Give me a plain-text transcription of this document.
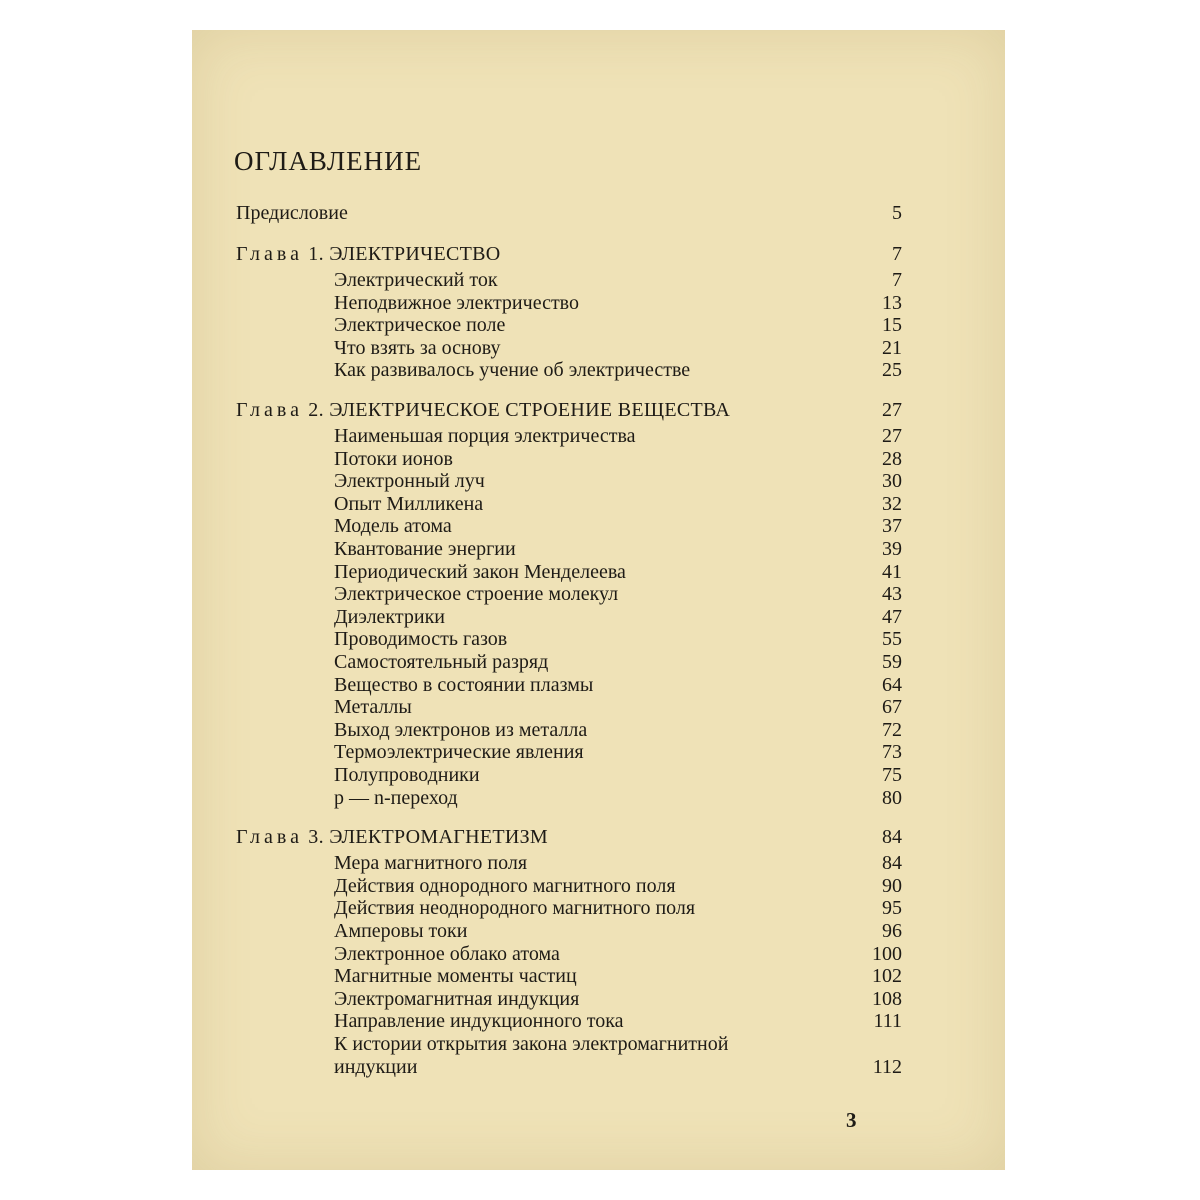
ОГЛАВЛЕНИЕ
Предисловие	5
Глава 1. ЭЛЕКТРИЧЕСТВО	7
Электрический ток	7
Неподвижное электричество	13
Электрическое поле	15
Что взять за основу	21
Как развивалось учение об электричестве	25
Глава 2. ЭЛЕКТРИЧЕСКОЕ СТРОЕНИЕ ВЕЩЕСТВА	27
Наименьшая порция электричества	27
Потоки ионов	28
Электронный луч	30
Опыт Милликена	32
Модель атома	37
Квантование энергии	39
Периодический закон Менделеева	41
Электрическое строение молекул	43
Диэлектрики	47
Проводимость газов	55
Самостоятельный разряд	59
Вещество в состоянии плазмы	64
Металлы	67
Выход электронов из металла	72
Термоэлектрические явления	73
Полупроводники	75
p — n-переход	80
Глава 3. ЭЛЕКТРОМАГНЕТИЗМ	84
Мера магнитного поля	84
Действия однородного магнитного поля	90
Действия неоднородного магнитного поля	95
Амперовы токи	96
Электронное облако атома	100
Магнитные моменты частиц	102
Электромагнитная индукция	108
Направление индукционного тока	111
К истории открытия закона электромагнитной
индукции	112
3
